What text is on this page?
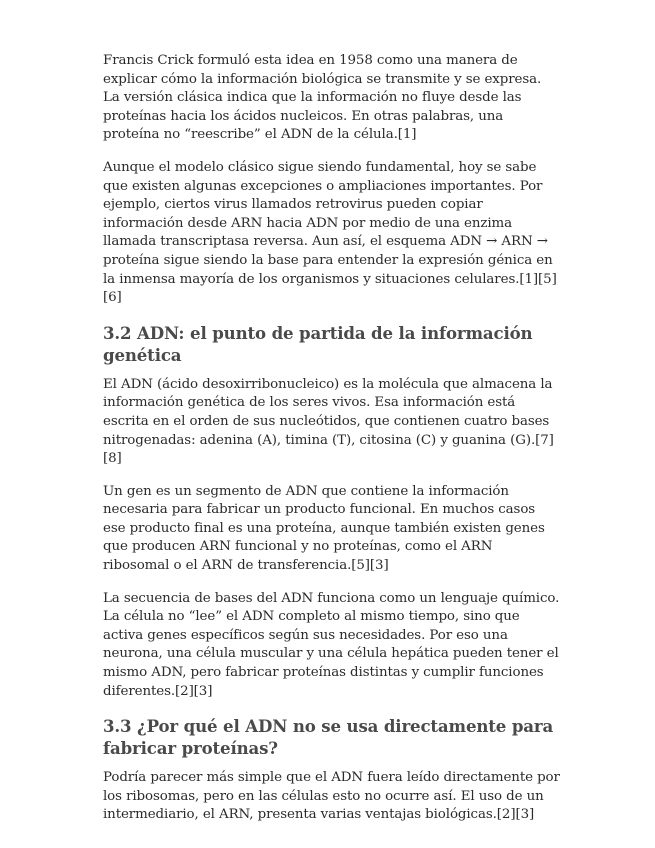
Francis Crick formuló esta idea en 1958 como una manera de explicar cómo la información biológica se transmite y se expresa. La versión clásica indica que la información no fluye desde las proteínas hacia los ácidos nucleicos. En otras palabras, una proteína no “reescribe” el ADN de la célula.[1]

Aunque el modelo clásico sigue siendo fundamental, hoy se sabe que existen algunas excepciones o ampliaciones importantes. Por ejemplo, ciertos virus llamados retrovirus pueden copiar información desde ARN hacia ADN por medio de una enzima llamada transcriptasa reversa. Aun así, el esquema ADN → ARN → proteína sigue siendo la base para entender la expresión génica en la inmensa mayoría de los organismos y situaciones celulares.[1][5][6]

3.2 ADN: el punto de partida de la información genética

El ADN (ácido desoxirribonucleico) es la molécula que almacena la información genética de los seres vivos. Esa información está escrita en el orden de sus nucleótidos, que contienen cuatro bases nitrogenadas: adenina (A), timina (T), citosina (C) y guanina (G).[7][8]

Un gen es un segmento de ADN que contiene la información necesaria para fabricar un producto funcional. En muchos casos ese producto final es una proteína, aunque también existen genes que producen ARN funcional y no proteínas, como el ARN ribosomal o el ARN de transferencia.[5][3]

La secuencia de bases del ADN funciona como un lenguaje químico. La célula no “lee” el ADN completo al mismo tiempo, sino que activa genes específicos según sus necesidades. Por eso una neurona, una célula muscular y una célula hepática pueden tener el mismo ADN, pero fabricar proteínas distintas y cumplir funciones diferentes.[2][3]

3.3 ¿Por qué el ADN no se usa directamente para fabricar proteínas?

Podría parecer más simple que el ADN fuera leído directamente por los ribosomas, pero en las células esto no ocurre así. El uso de un intermediario, el ARN, presenta varias ventajas biológicas.[2][3]
